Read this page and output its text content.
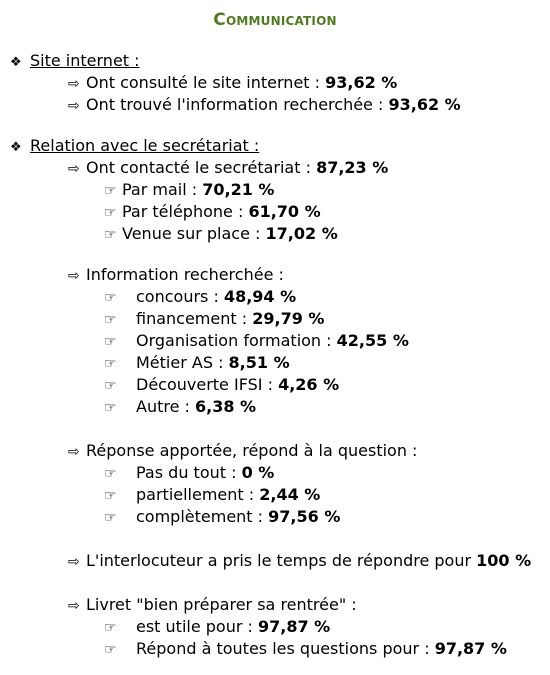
Communication
❖ Site internet :
⇨ Ont consulté le site internet : 93,62 %
⇨ Ont trouvé l'information recherchée : 93,62 %
❖ Relation avec le secrétariat :
⇨ Ont contacté le secrétariat : 87,23 %
☞ Par mail : 70,21 %
☞ Par téléphone : 61,70 %
☞ Venue sur place : 17,02 %
⇨ Information recherchée :
☞ concours : 48,94 %
☞ financement : 29,79 %
☞ Organisation formation : 42,55 %
☞ Métier AS : 8,51 %
☞ Découverte IFSI : 4,26 %
☞ Autre : 6,38 %
⇨ Réponse apportée, répond à la question :
☞ Pas du tout : 0 %
☞ partiellement : 2,44 %
☞ complètement : 97,56 %
⇨ L'interlocuteur a pris le temps de répondre pour 100 %
⇨ Livret "bien préparer sa rentrée" :
☞ est utile pour : 97,87 %
☞ Répond à toutes les questions pour : 97,87 %
